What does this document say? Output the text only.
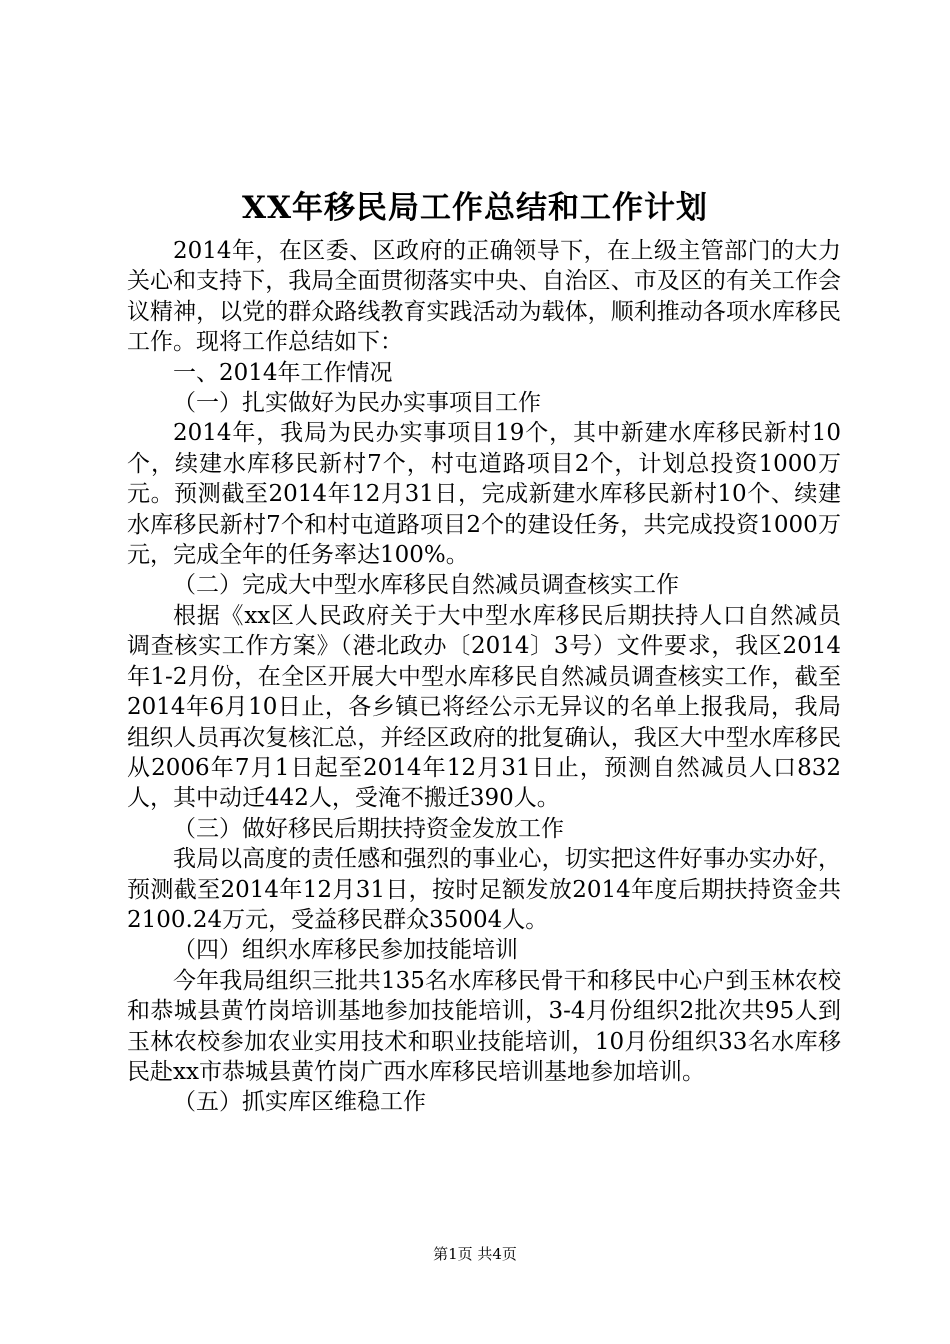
XX年移民局工作总结和工作计划

2014年，在区委、区政府的正确领导下，在上级主管部门的大力关心和支持下，我局全面贯彻落实中央、自治区、市及区的有关工作会议精神，以党的群众路线教育实践活动为载体，顺利推动各项水库移民工作。现将工作总结如下：

一、2014年工作情况

（一）扎实做好为民办实事项目工作

2014年，我局为民办实事项目19个，其中新建水库移民新村10个，续建水库移民新村7个，村屯道路项目2个，计划总投资1000万元。预测截至2014年12月31日，完成新建水库移民新村10个、续建水库移民新村7个和村屯道路项目2个的建设任务，共完成投资1000万元，完成全年的任务率达100%。

（二）完成大中型水库移民自然减员调查核实工作

根据《xx区人民政府关于大中型水库移民后期扶持人口自然减员调查核实工作方案》（港北政办〔2014〕3号）文件要求，我区2014年1-2月份，在全区开展大中型水库移民自然减员调查核实工作，截至2014年6月10日止，各乡镇已将经公示无异议的名单上报我局，我局组织人员再次复核汇总，并经区政府的批复确认，我区大中型水库移民从2006年7月1日起至2014年12月31日止，预测自然减员人口832人，其中动迁442人，受淹不搬迁390人。

（三）做好移民后期扶持资金发放工作

我局以高度的责任感和强烈的事业心，切实把这件好事办实办好，预测截至2014年12月31日，按时足额发放2014年度后期扶持资金共2100.24万元，受益移民群众35004人。

（四）组织水库移民参加技能培训

今年我局组织三批共135名水库移民骨干和移民中心户到玉林农校和恭城县黄竹岗培训基地参加技能培训，3-4月份组织2批次共95人到玉林农校参加农业实用技术和职业技能培训，10月份组织33名水库移民赴xx市恭城县黄竹岗广西水库移民培训基地参加培训。

（五）抓实库区维稳工作

第1页 共4页
